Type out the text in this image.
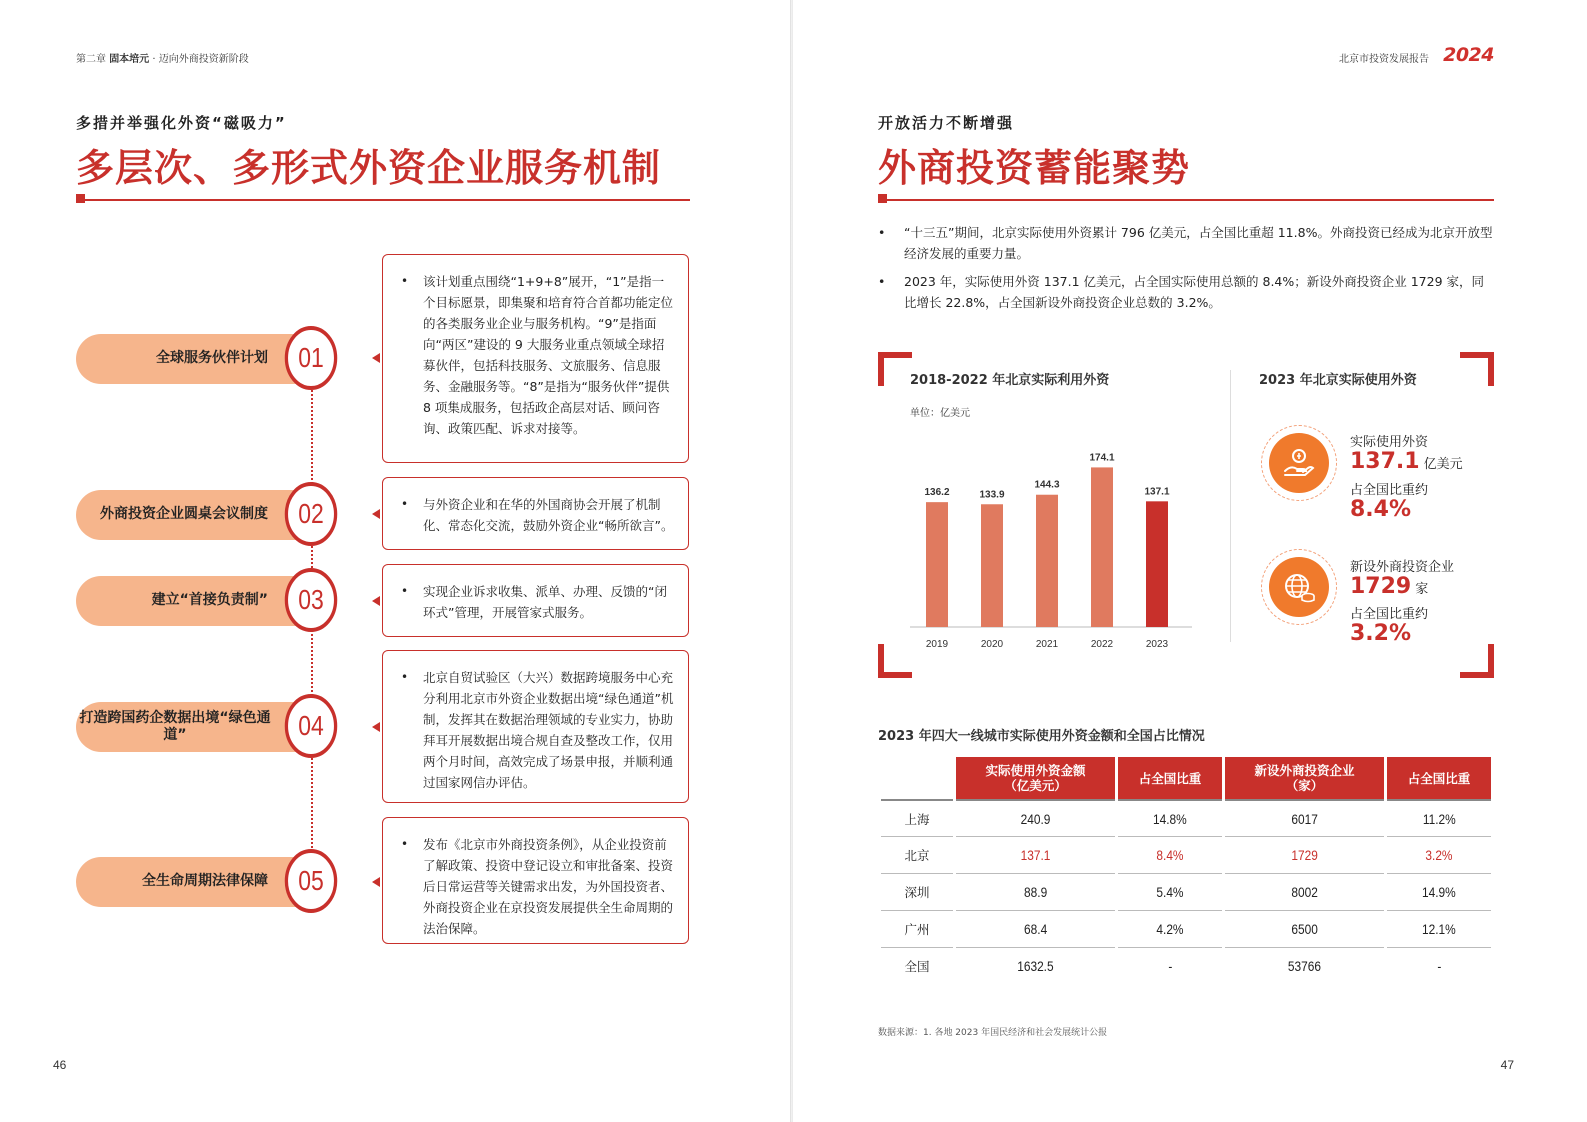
第二章 固本培元 · 迈向外商投资新阶段
多措并举强化外资“磁吸力”
多层次、多形式外资企业服务机制
全球服务伙伴计划	01
• 该计划重点围绕“1+9+8”展开，“1”是指一个目标愿景，即集聚和培育符合首都功能定位的各类服务业企业与服务机构。“9”是指面向“两区”建设的 9 大服务业重点领域全球招募伙伴，包括科技服务、文旅服务、信息服务、金融服务等。“8”是指为“服务伙伴”提供 8 项集成服务，包括政企高层对话、顾问咨询、政策匹配、诉求对接等。
外商投资企业圆桌会议制度	02	• 与外资企业和在华的外国商协会开展了机制化、常态化交流，鼓励外资企业“畅所欲言”。
建立“首接负责制”	03	• 实现企业诉求收集、派单、办理、反馈的“闭环式”管理，开展管家式服务。
打造跨国药企数据出境“绿色通道”	04
• 北京自贸试验区（大兴）数据跨境服务中心充分利用北京市外资企业数据出境“绿色通道”机制，发挥其在数据治理领域的专业实力，协助拜耳开展数据出境合规自查及整改工作，仅用两个月时间，高效完成了场景申报，并顺利通过国家网信办评估。
全生命周期法律保障	05
• 发布《北京市外商投资条例》，从企业投资前了解政策、投资中登记设立和审批备案、投资后日常运营等关键需求出发，为外国投资者、外商投资企业在京投资发展提供全生命周期的法治保障。
46
北京市投资发展报告 2024
开放活力不断增强
外商投资蓄能聚势

• “十三五”期间，北京实际使用外资累计 796 亿美元，占全国比重超 11.8%。外商投资已经成为北京开放型经济发展的重要力量。

• 2023 年，实际使用外资 137.1 亿美元，占全国实际使用总额的 8.4%；新设外商投资企业 1729 家，同比增长 22.8%，占全国新设外商投资企业总数的 3.2%。

2018-2022 年北京实际利用外资
单位：亿美元
136.2
2019
133.9
2020
144.3
2021
174.1
2022
137.1
2023
2023 年北京实际使用外资
实际使用外资
137.1 亿美元
占全国比重约
8.4%
新设外商投资企业
1729 家
占全国比重约
3.2%
2023 年四大一线城市实际使用外资金额和全国占比情况
	实际使用外资金额
（亿美元）	占全国比重	新设外商投资企业
（家）	占全国比重
上海	240.9	14.8%	6017	11.2%
北京	137.1	8.4%	1729	3.2%
深圳	88.9	5.4%	8002	14.9%
广州	68.4	4.2%	6500	12.1%
全国	1632.5	-	53766	-
数据来源：1. 各地 2023 年国民经济和社会发展统计公报
47
